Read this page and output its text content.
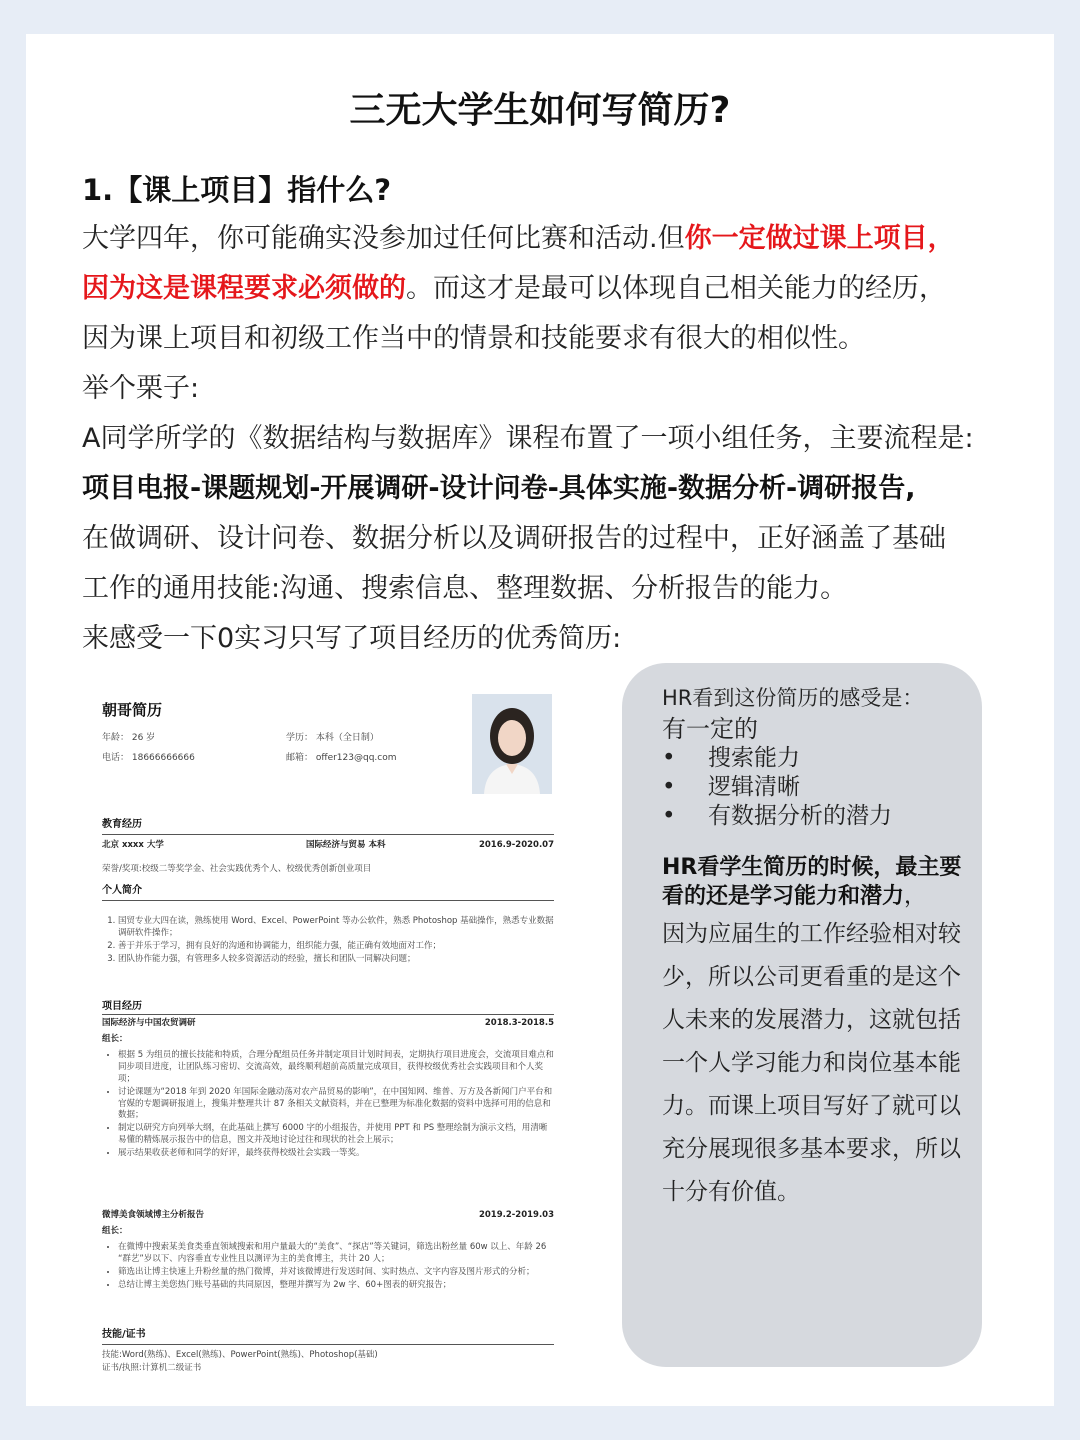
三无大学生如何写简历?
1.【课上项目】指什么?

大学四年，你可能确实没参加过任何比赛和活动.但你一定做过课上项目，

因为这是课程要求必须做的。而这才是最可以体现自己相关能力的经历，

因为课上项目和初级工作当中的情景和技能要求有很大的相似性。

举个栗子:

A同学所学的《数据结构与数据库》课程布置了一项小组任务，主要流程是:

项目电报-课题规划-开展调研-设计问卷-具体实施-数据分析-调研报告,

在做调研、设计问卷、数据分析以及调研报告的过程中，正好涵盖了基础

工作的通用技能:沟通、搜索信息、整理数据、分析报告的能力。

来感受一下0实习只写了项目经历的优秀简历:

朝哥简历
年龄： 26 岁	学历： 本科（全日制）
电话： 18666666666	邮箱： offer123@qq.com
教育经历
北京 xxxx 大学	国际经济与贸易 本科	2016.9-2020.07
荣誉/奖项:校级二等奖学金、社会实践优秀个人、校级优秀创新创业项目
个人简介
1. 国贸专业大四在读，熟练使用 Word、Excel、PowerPoint 等办公软件，熟悉 Photoshop 基础操作，熟悉专业数据调研软件操作；
2. 善于并乐于学习，拥有良好的沟通和协调能力，组织能力强，能正确有效地面对工作；
3. 团队协作能力强，有管理多人较多资源活动的经验，擅长和团队一同解决问题；
项目经历
国际经济与中国农贸调研	2018.3-2018.5
组长：
• 根据 5 为组员的擅长技能和特质，合理分配组员任务并制定项目计划时间表，定期执行项目进度会，交流项目难点和同步项目进度，让团队练习密切、交流高效，最终顺利超前高质量完成项目，获得校级优秀社会实践项目和个人奖项；
• 讨论课题为“2018 年到 2020 年国际金融动荡对农产品贸易的影响”，在中国知网、维普、万方及各新闻门户平台和官媒的专题调研报道上，搜集并整理共计 87 条相关文献资料，并在已整理为标准化数据的资料中选择可用的信息和数据；
• 制定以研究方向列举大纲，在此基础上撰写 6000 字的小组报告，并使用 PPT 和 PS 整理绘制为演示文档，用清晰易懂的精炼展示报告中的信息，图文并茂地讨论过往和现状的社会上展示；
• 展示结果收获老师和同学的好评，最终获得校级社会实践一等奖。
微博美食领域博主分析报告	2019.2-2019.03
组长：
• 在微博中搜索某美食类垂直领域搜索和用户量最大的“美食”、“探店”等关键词，筛选出粉丝量 60w 以上、年龄 26 “群艺”岁以下、内容垂直专业性且以测评为主的美食博主，共计 20 人；
• 筛选出让博主快速上升粉丝量的热门微博，并对该微博进行发送时间、实时热点、文字内容及图片形式的分析；
• 总结让博主美您热门账号基础的共同原因，整理并撰写为 2w 字、60+图表的研究报告；
技能/证书
技能:Word(熟练)、Excel(熟练)、PowerPoint(熟练)、Photoshop(基础)
证书/执照:计算机二级证书
HR看到这份简历的感受是：
有一定的
• 搜索能力
• 逻辑清晰
• 有数据分析的潜力
HR看学生简历的时候，最主要看的还是学习能力和潜力，
因为应届生的工作经验相对较少，所以公司更看重的是这个人未来的发展潜力，这就包括一个人学习能力和岗位基本能力。而课上项目写好了就可以充分展现很多基本要求，所以十分有价值。
